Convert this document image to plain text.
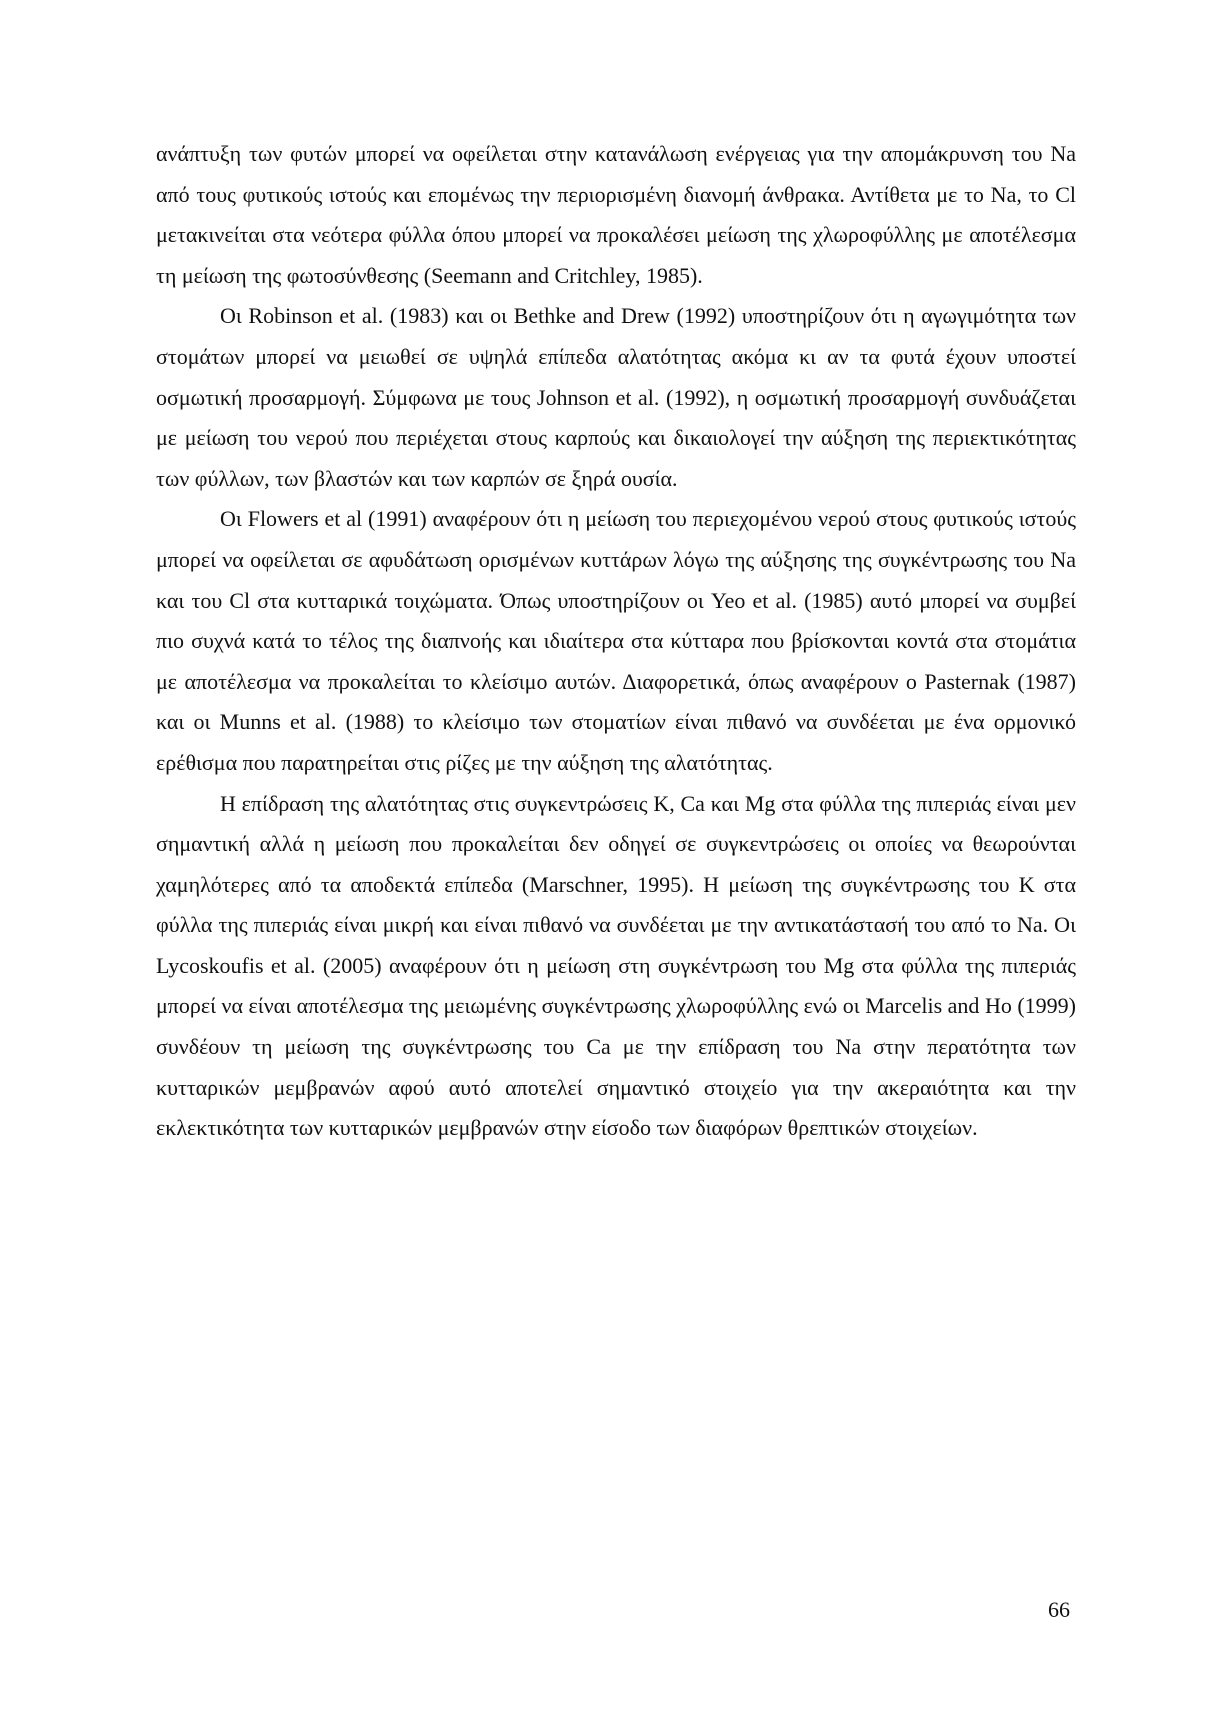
ανάπτυξη των φυτών μπορεί να οφείλεται στην κατανάλωση ενέργειας για την απομάκρυνση του Na από τους φυτικούς ιστούς και επομένως την περιορισμένη διανομή άνθρακα. Αντίθετα με το Na, το Cl μετακινείται στα νεότερα φύλλα όπου μπορεί να προκαλέσει μείωση της χλωροφύλλης με αποτέλεσμα τη μείωση της φωτοσύνθεσης (Seemann and Critchley, 1985).

Οι Robinson et al. (1983) και οι Bethke and Drew (1992) υποστηρίζουν ότι η αγωγιμότητα των στομάτων μπορεί να μειωθεί σε υψηλά επίπεδα αλατότητας ακόμα κι αν τα φυτά έχουν υποστεί οσμωτική προσαρμογή. Σύμφωνα με τους Johnson et al. (1992), η οσμωτική προσαρμογή συνδυάζεται με μείωση του νερού που περιέχεται στους καρπούς και δικαιολογεί την αύξηση της περιεκτικότητας των φύλλων, των βλαστών και των καρπών σε ξηρά ουσία.

Οι Flowers et al (1991) αναφέρουν ότι η μείωση του περιεχομένου νερού στους φυτικούς ιστούς μπορεί να οφείλεται σε αφυδάτωση ορισμένων κυττάρων λόγω της αύξησης της συγκέντρωσης του Na και του Cl στα κυτταρικά τοιχώματα. Όπως υποστηρίζουν οι Yeo et al. (1985) αυτό μπορεί να συμβεί πιο συχνά κατά το τέλος της διαπνοής και ιδιαίτερα στα κύτταρα που βρίσκονται κοντά στα στομάτια με αποτέλεσμα να προκαλείται το κλείσιμο αυτών. Διαφορετικά, όπως αναφέρουν ο Pasternak (1987) και οι Munns et al. (1988) το κλείσιμο των στοματίων είναι πιθανό να συνδέεται με ένα ορμονικό ερέθισμα που παρατηρείται στις ρίζες με την αύξηση της αλατότητας.

Η επίδραση της αλατότητας στις συγκεντρώσεις K, Ca και Mg στα φύλλα της πιπεριάς είναι μεν σημαντική αλλά η μείωση που προκαλείται δεν οδηγεί σε συγκεντρώσεις οι οποίες να θεωρούνται χαμηλότερες από τα αποδεκτά επίπεδα (Marschner, 1995). Η μείωση της συγκέντρωσης του K στα φύλλα της πιπεριάς είναι μικρή και είναι πιθανό να συνδέεται με την αντικατάστασή του από το Na. Οι Lycoskoufis et al. (2005) αναφέρουν ότι η μείωση στη συγκέντρωση του Mg στα φύλλα της πιπεριάς μπορεί να είναι αποτέλεσμα της μειωμένης συγκέντρωσης χλωροφύλλης ενώ οι Marcelis and Ho (1999) συνδέουν τη μείωση της συγκέντρωσης του Ca με την επίδραση του Na στην περατότητα των κυτταρικών μεμβρανών αφού αυτό αποτελεί σημαντικό στοιχείο για την ακεραιότητα και την εκλεκτικότητα των κυτταρικών μεμβρανών στην είσοδο των διαφόρων θρεπτικών στοιχείων.

66
